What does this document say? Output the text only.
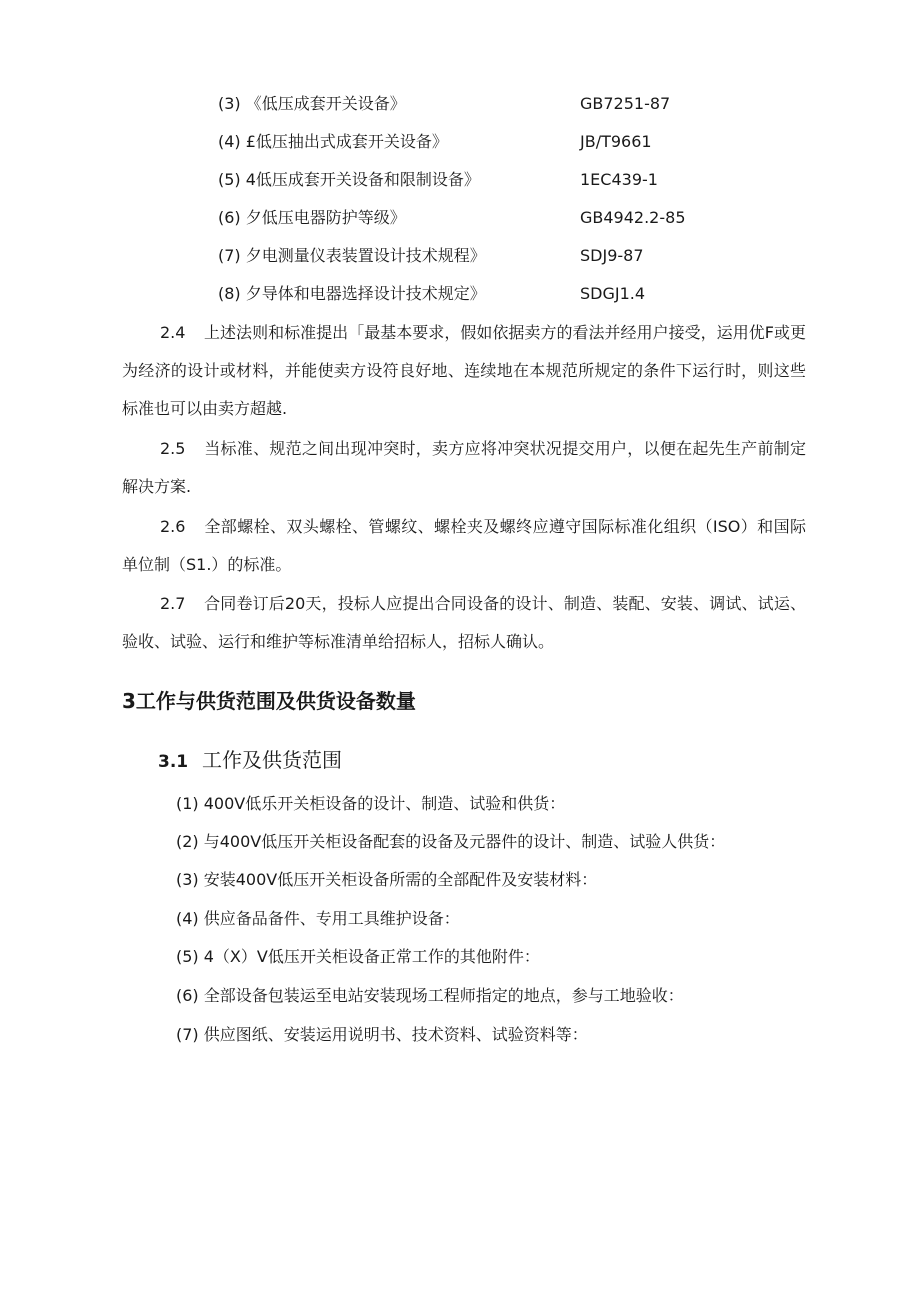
(3) 《低压成套开关设备》	GB7251-87
(4) £低压抽出式成套开关设备》	JB/T9661
(5) 4低压成套开关设备和限制设备》	1EC439-1
(6) 夕低压电器防护等级》	GB4942.2-85
(7) 夕电测量仪表装置设计技术规程》	SDJ9-87
(8) 夕导体和电器选择设计技术规定》	SDGJ1.4

2.4 上述法则和标准提出「最基本要求，假如依据卖方的看法并经用户接受，运用优F或更为经济的设计或材料，并能使卖方设符良好地、连续地在本规范所规定的条件下运行时，则这些标准也可以由卖方超越.

2.5 当标准、规范之间出现冲突时，卖方应将冲突状况提交用户，以便在起先生产前制定解决方案.

2.6 全部螺栓、双头螺栓、管螺纹、螺栓夹及螺终应遵守国际标准化组织（ISO）和国际单位制（S1.）的标准。

2.7 合同卷订后20天，投标人应提出合同设备的设计、制造、装配、安装、调试、试运、验收、试验、运行和维护等标准清单给招标人，招标人确认。

3工作与供货范围及供货设备数量
3.1 工作及供货范围
(1) 400V低乐开关柜设备的设计、制造、试验和供货：
(2) 与400V低压开关柜设备配套的设备及元器件的设计、制造、试验人供货：
(3) 安装400V低压开关柜设备所需的全部配件及安装材料：
(4) 供应备品备件、专用工具维护设备：
(5) 4（X）V低压开关柜设备正常工作的其他附件：
(6) 全部设备包装运至电站安装现场工程师指定的地点，参与工地验收：
(7) 供应图纸、安装运用说明书、技术资料、试验资料等：
